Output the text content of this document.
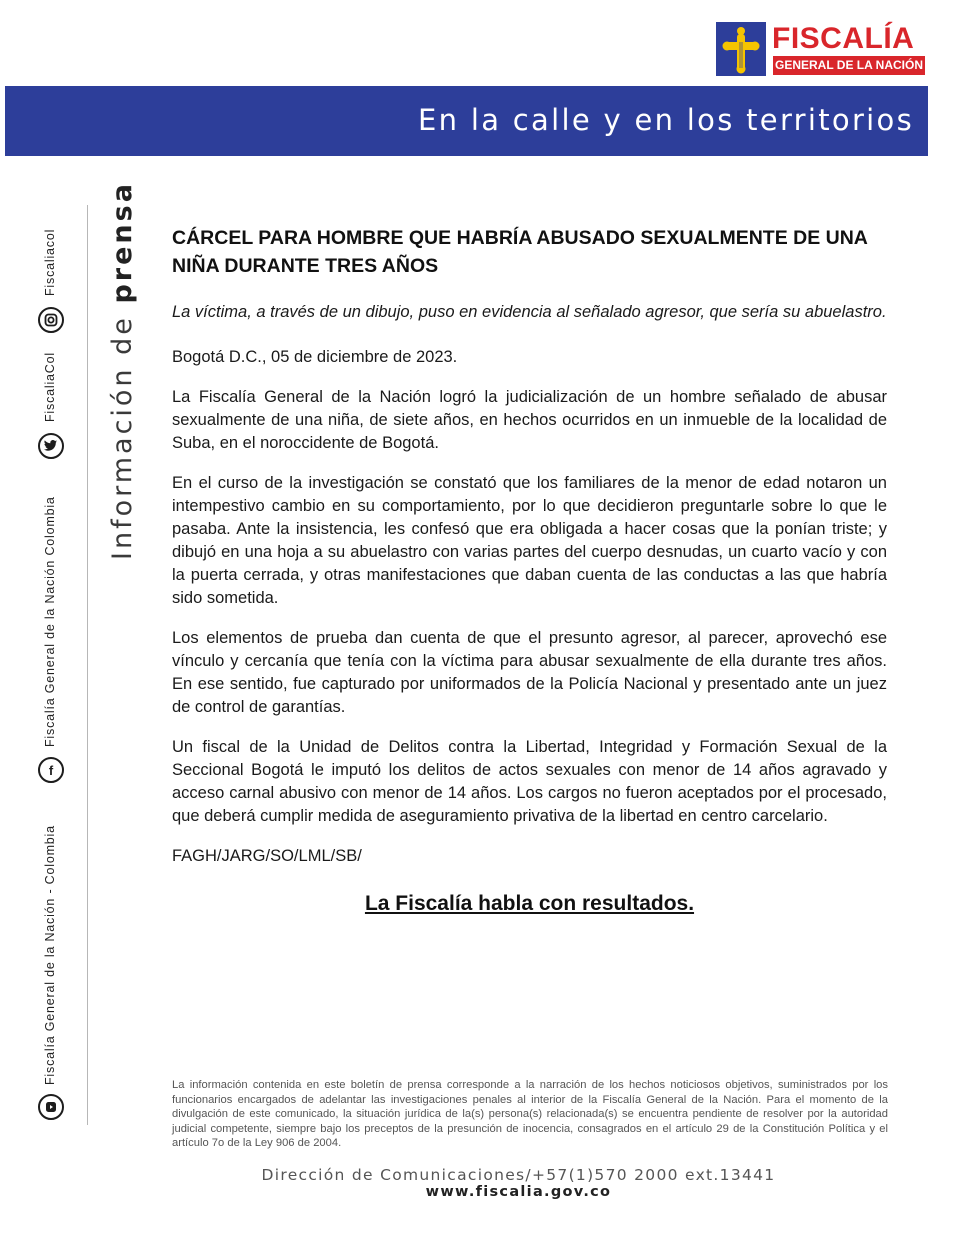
FISCALÍA
GENERAL DE LA NACIÓN
En la calle y en los territorios
Fiscaliacol
FiscaliaCol
f
Fiscalía General de la Nación Colombia
Fiscalía General de la Nación - Colombia
Información de prensa CÁRCEL PARA HOMBRE QUE HABRÍA ABUSADO SEXUALMENTE DE UNA NIÑA DURANTE TRES AÑOS

La víctima, a través de un dibujo, puso en evidencia al señalado agresor, que sería su abuelastro.

Bogotá D.C., 05 de diciembre de 2023.

La Fiscalía General de la Nación logró la judicialización de un hombre señalado de abusar sexualmente de una niña, de siete años, en hechos ocurridos en un inmueble de la localidad de Suba, en el noroccidente de Bogotá.

En el curso de la investigación se constató que los familiares de la menor de edad notaron un intempestivo cambio en su comportamiento, por lo que decidieron preguntarle sobre lo que le pasaba. Ante la insistencia, les confesó que era obligada a hacer cosas que la ponían triste; y dibujó en una hoja a su abuelastro con varias partes del cuerpo desnudas, un cuarto vacío y con la puerta cerrada, y otras manifestaciones que daban cuenta de las conductas a las que habría sido sometida.

Los elementos de prueba dan cuenta de que el presunto agresor, al parecer, aprovechó ese vínculo y cercanía que tenía con la víctima para abusar sexualmente de ella durante tres años. En ese sentido, fue capturado por uniformados de la Policía Nacional y presentado ante un juez de control de garantías.

Un fiscal de la Unidad de Delitos contra la Libertad, Integridad y Formación Sexual de la Seccional Bogotá le imputó los delitos de actos sexuales con menor de 14 años agravado y acceso carnal abusivo con menor de 14 años. Los cargos no fueron aceptados por el procesado, que deberá cumplir medida de aseguramiento privativa de la libertad en centro carcelario.

FAGH/JARG/SO/LML/SB/

La Fiscalía habla con resultados.
La información contenida en este boletín de prensa corresponde a la narración de los hechos noticiosos objetivos, suministrados por los funcionarios encargados de adelantar las investigaciones penales al interior de la Fiscalía General de la Nación. Para el momento de la divulgación de este comunicado, la situación jurídica de la(s) persona(s) relacionada(s) se encuentra pendiente de resolver por la autoridad judicial competente, siempre bajo los preceptos de la presunción de inocencia, consagrados en el artículo 29 de la Constitución Política y el artículo 7o de la Ley 906 de 2004.
Dirección de Comunicaciones/+57(1)570 2000 ext.13441
www.fiscalia.gov.co
